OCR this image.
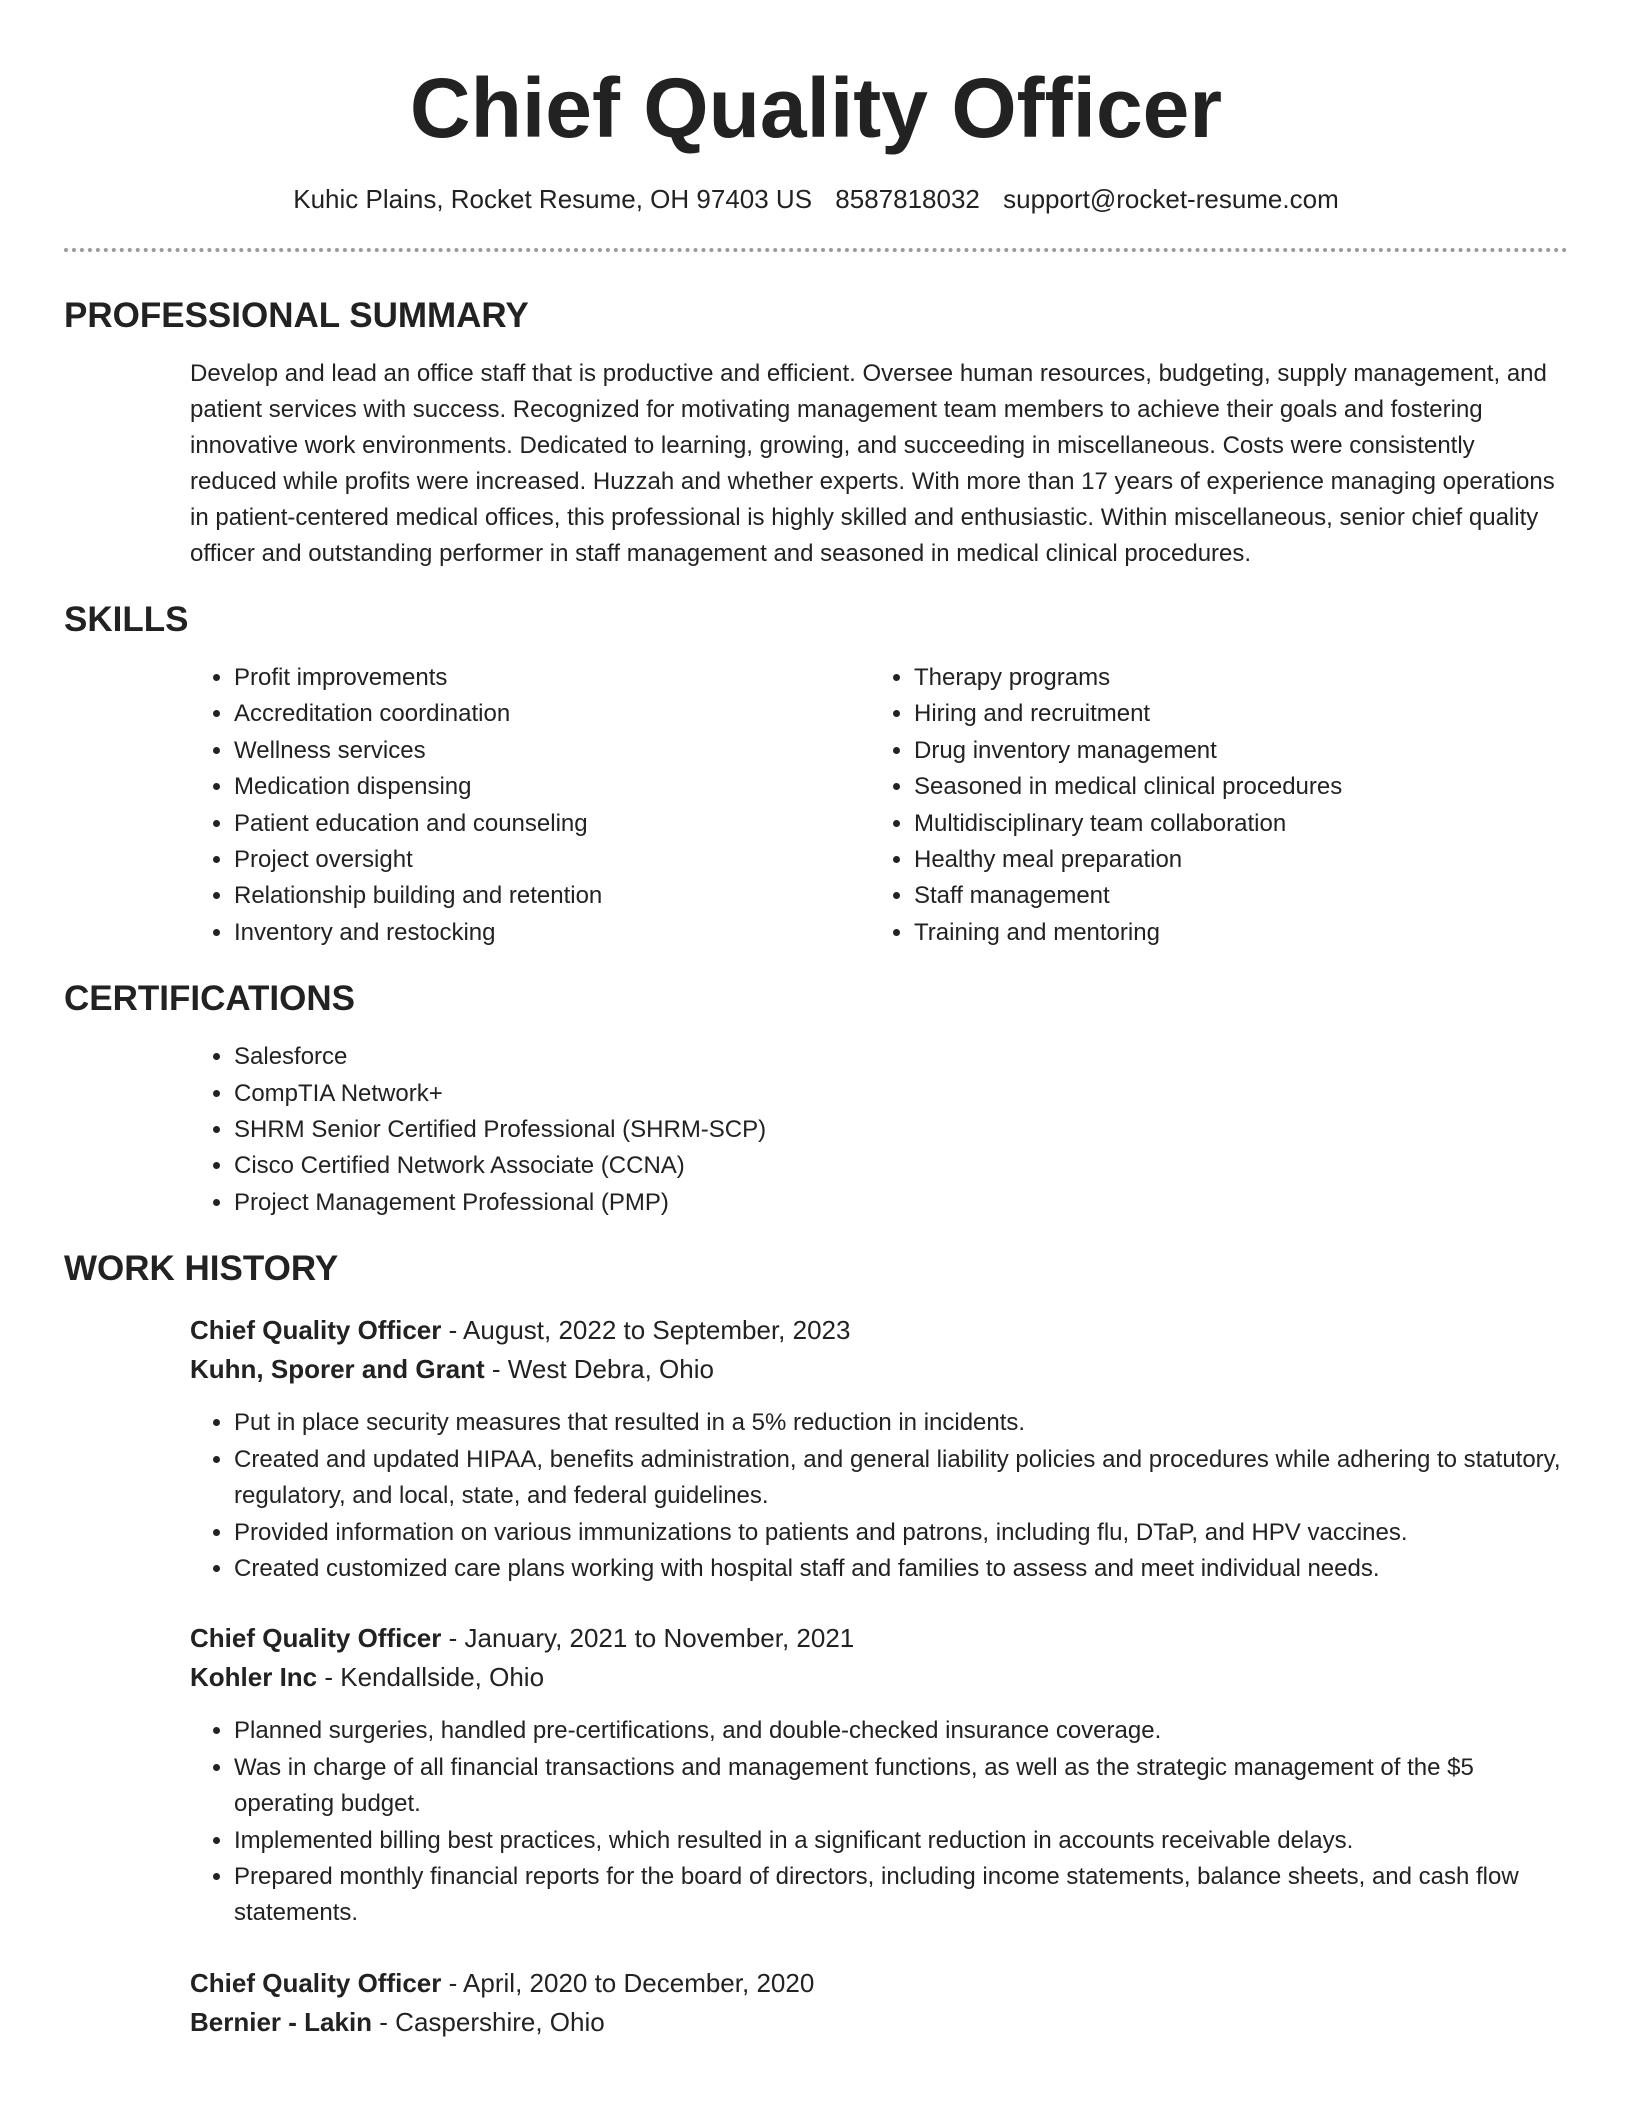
Chief Quality Officer
Kuhic Plains, Rocket Resume, OH 97403 US 8587818032 support@rocket-resume.com
PROFESSIONAL SUMMARY

Develop and lead an office staff that is productive and efficient. Oversee human resources, budgeting, supply management, and patient services with success. Recognized for motivating management team members to achieve their goals and fostering innovative work environments. Dedicated to learning, growing, and succeeding in miscellaneous. Costs were consistently reduced while profits were increased. Huzzah and whether experts. With more than 17 years of experience managing operations in patient-centered medical offices, this professional is highly skilled and enthusiastic. Within miscellaneous, senior chief quality officer and outstanding performer in staff management and seasoned in medical clinical procedures.

SKILLS
• Profit improvements
• Accreditation coordination
• Wellness services
• Medication dispensing
• Patient education and counseling
• Project oversight
• Relationship building and retention
• Inventory and restocking
• Therapy programs
• Hiring and recruitment
• Drug inventory management
• Seasoned in medical clinical procedures
• Multidisciplinary team collaboration
• Healthy meal preparation
• Staff management
• Training and mentoring
CERTIFICATIONS
• Salesforce
• CompTIA Network+
• SHRM Senior Certified Professional (SHRM-SCP)
• Cisco Certified Network Associate (CCNA)
• Project Management Professional (PMP)
WORK HISTORY
Chief Quality Officer - August, 2022 to September, 2023
Kuhn, Sporer and Grant - West Debra, Ohio
• Put in place security measures that resulted in a 5% reduction in incidents.
• Created and updated HIPAA, benefits administration, and general liability policies and procedures while adhering to statutory, regulatory, and local, state, and federal guidelines.
• Provided information on various immunizations to patients and patrons, including flu, DTaP, and HPV vaccines.
• Created customized care plans working with hospital staff and families to assess and meet individual needs.
Chief Quality Officer - January, 2021 to November, 2021
Kohler Inc - Kendallside, Ohio
• Planned surgeries, handled pre-certifications, and double-checked insurance coverage.
• Was in charge of all financial transactions and management functions, as well as the strategic management of the $5 operating budget.
• Implemented billing best practices, which resulted in a significant reduction in accounts receivable delays.
• Prepared monthly financial reports for the board of directors, including income statements, balance sheets, and cash flow statements.
Chief Quality Officer - April, 2020 to December, 2020
Bernier - Lakin - Caspershire, Ohio
